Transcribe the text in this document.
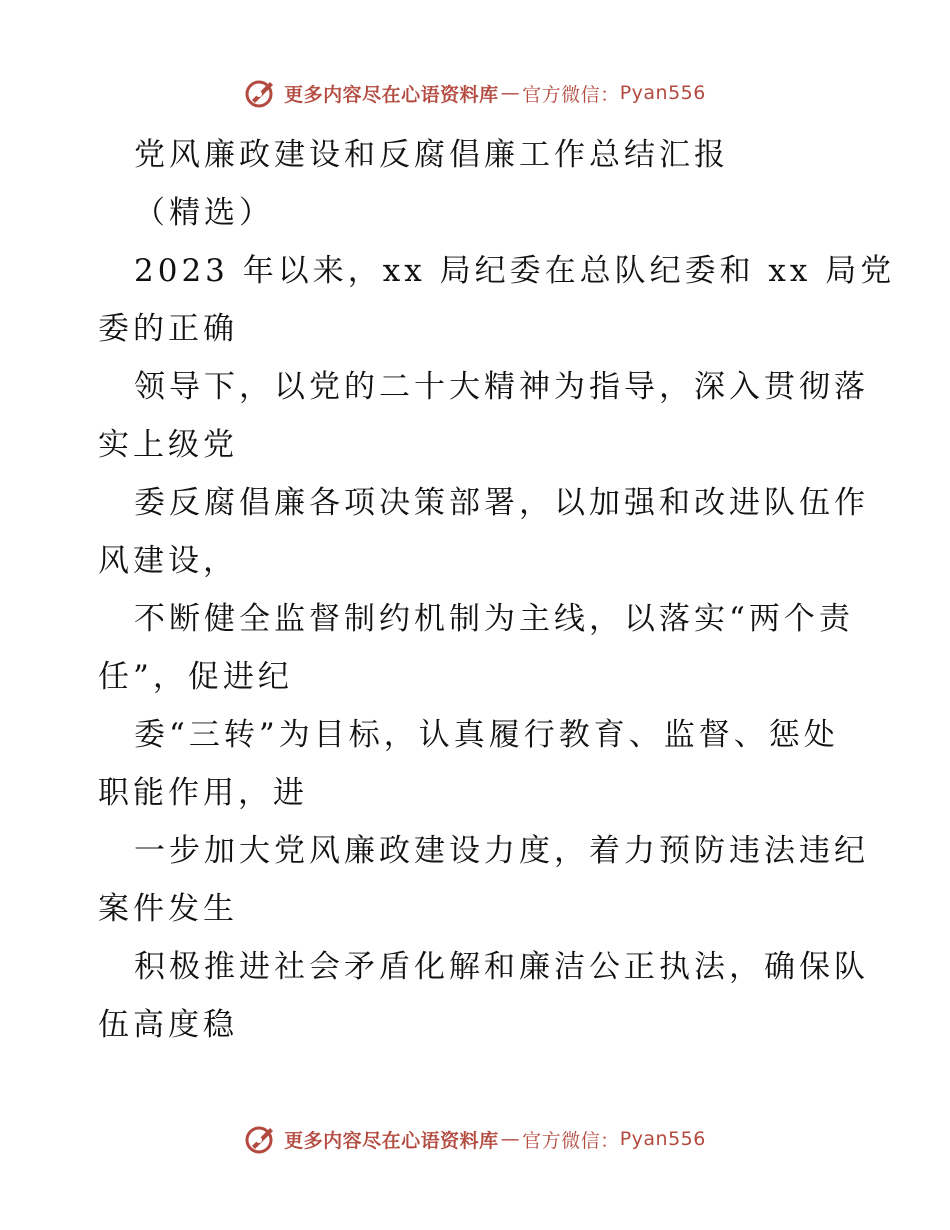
更多内容尽在心语资料库 — 官方微信： Pyan556
党风廉政建设和反腐倡廉工作总结汇报
（精选）
2023 年以来，xx 局纪委在总队纪委和 xx 局党
委的正确
领导下，以党的二十大精神为指导，深入贯彻落
实上级党
委反腐倡廉各项决策部署，以加强和改进队伍作
风建设，
不断健全监督制约机制为主线，以落实“两个责
任”，促进纪
委“三转”为目标，认真履行教育、监督、惩处
职能作用，进
一步加大党风廉政建设力度，着力预防违法违纪
案件发生
积极推进社会矛盾化解和廉洁公正执法，确保队
伍高度稳
更多内容尽在心语资料库 — 官方微信： Pyan556
